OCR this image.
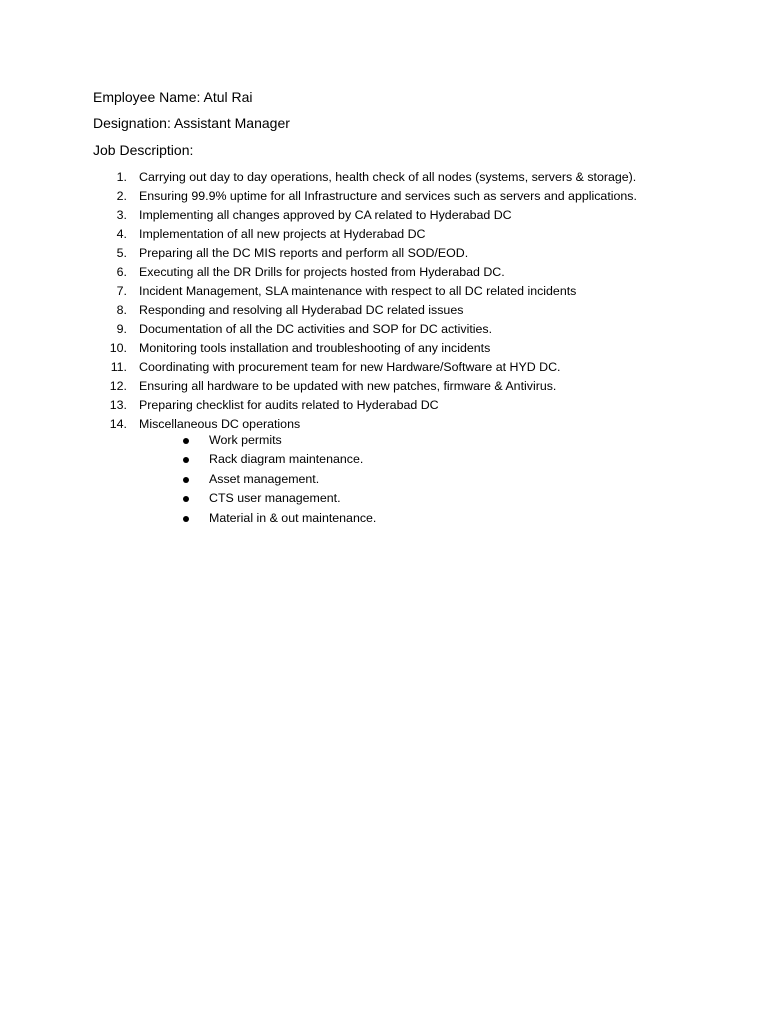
Employee Name: Atul Rai
Designation: Assistant Manager
Job Description:
1. Carrying out day to day operations, health check of all nodes (systems, servers & storage).
2. Ensuring 99.9% uptime for all Infrastructure and services such as servers and applications.
3. Implementing all changes approved by CA related to Hyderabad DC
4. Implementation of all new projects at Hyderabad DC
5. Preparing all the DC MIS reports and perform all SOD/EOD.
6. Executing all the DR Drills for projects hosted from Hyderabad DC.
7. Incident Management, SLA maintenance with respect to all DC related incidents
8. Responding and resolving all Hyderabad DC related issues
9. Documentation of all the DC activities and SOP for DC activities.
10. Monitoring tools installation and troubleshooting of any incidents
11. Coordinating with procurement team for new Hardware/Software at HYD DC.
12. Ensuring all hardware to be updated with new patches, firmware & Antivirus.
13. Preparing checklist for audits related to Hyderabad DC
14. Miscellaneous DC operations
Work permits
Rack diagram maintenance.
Asset management.
CTS user management.
Material in & out maintenance.
